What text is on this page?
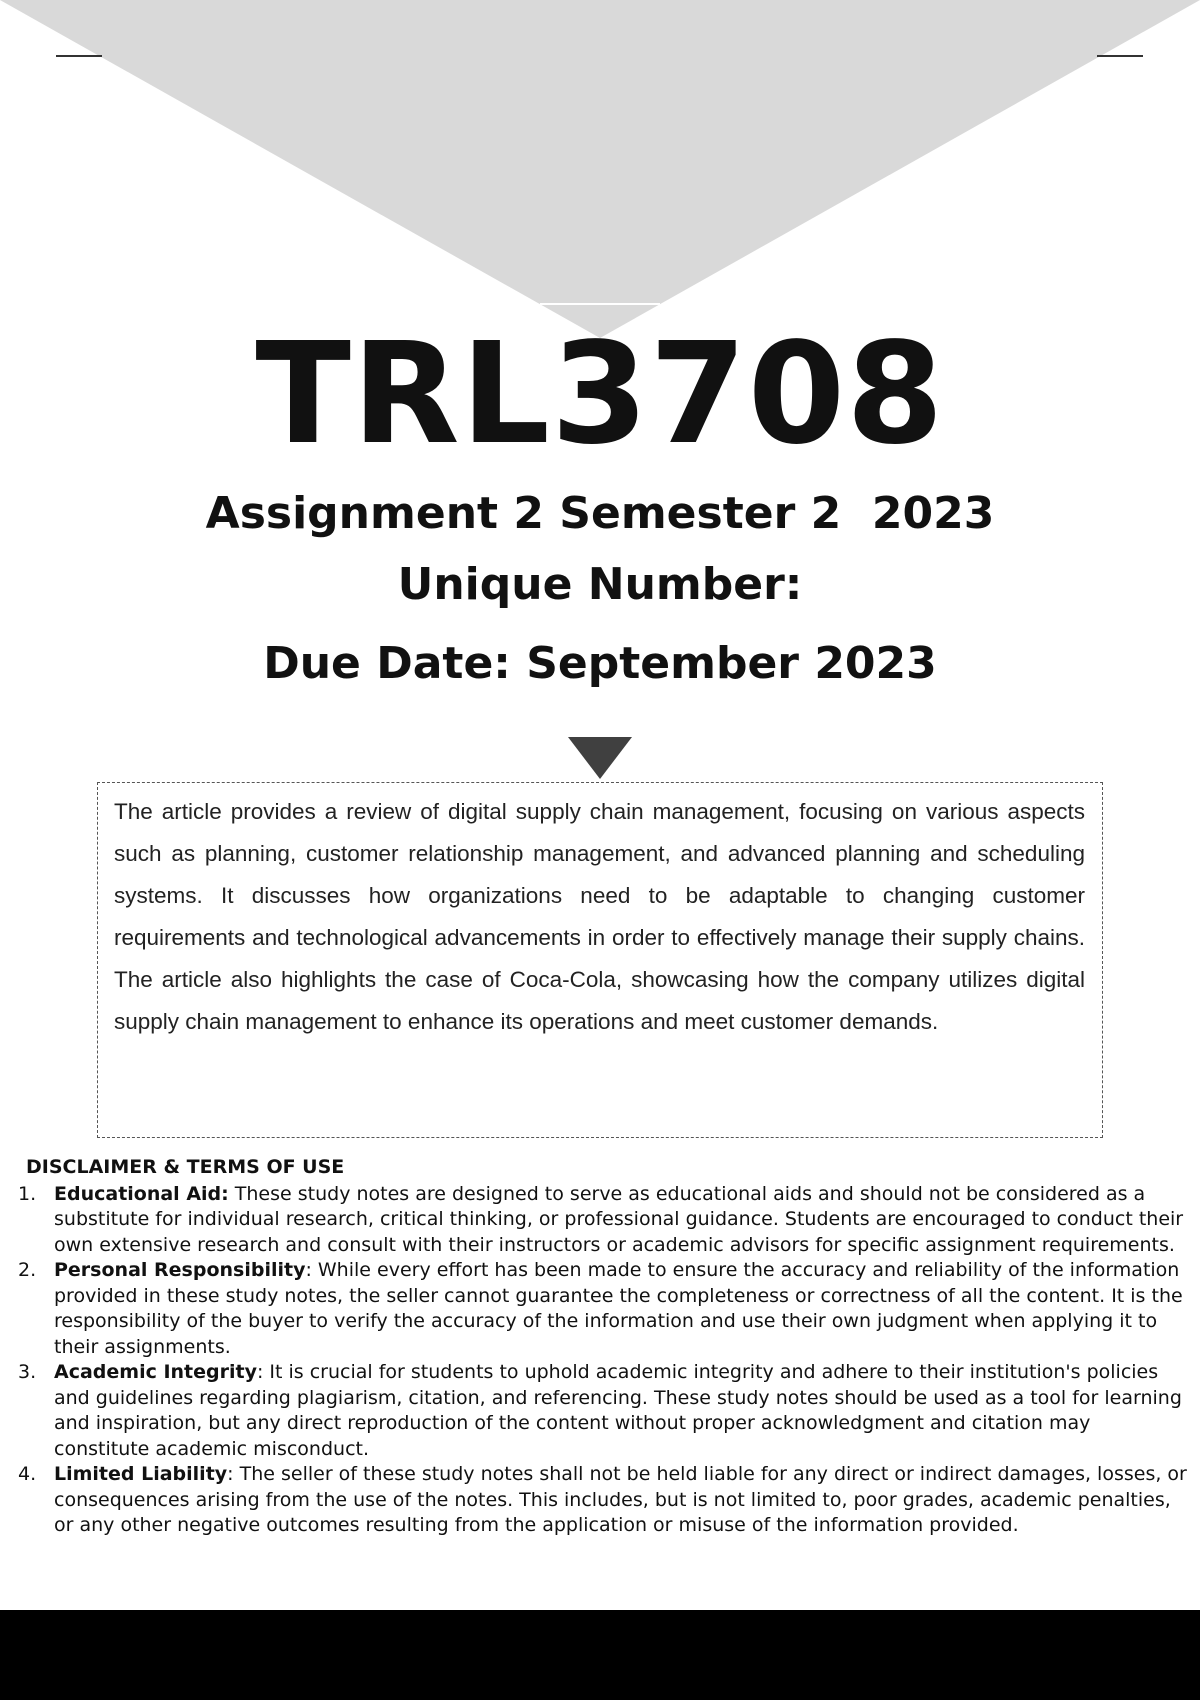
TRL3708
Assignment 2 Semester 2  2023
Unique Number:
Due Date: September 2023

The article provides a review of digital supply chain management, focusing on various aspects such as planning, customer relationship management, and advanced planning and scheduling systems. It discusses how organizations need to be adaptable to changing customer requirements and technological advancements in order to effectively manage their supply chains. The article also highlights the case of Coca-Cola, showcasing how the company utilizes digital supply chain management to enhance its operations and meet customer demands.

DISCLAIMER & TERMS OF USE
1. Educational Aid: These study notes are designed to serve as educational aids and should not be considered as a substitute for individual research, critical thinking, or professional guidance. Students are encouraged to conduct their own extensive research and consult with their instructors or academic advisors for specific assignment requirements.
2. Personal Responsibility: While every effort has been made to ensure the accuracy and reliability of the information provided in these study notes, the seller cannot guarantee the completeness or correctness of all the content. It is the responsibility of the buyer to verify the accuracy of the information and use their own judgment when applying it to their assignments.
3. Academic Integrity: It is crucial for students to uphold academic integrity and adhere to their institution's policies and guidelines regarding plagiarism, citation, and referencing. These study notes should be used as a tool for learning and inspiration, but any direct reproduction of the content without proper acknowledgment and citation may constitute academic misconduct.
4. Limited Liability: The seller of these study notes shall not be held liable for any direct or indirect damages, losses, or consequences arising from the use of the notes. This includes, but is not limited to, poor grades, academic penalties, or any other negative outcomes resulting from the application or misuse of the information provided.
